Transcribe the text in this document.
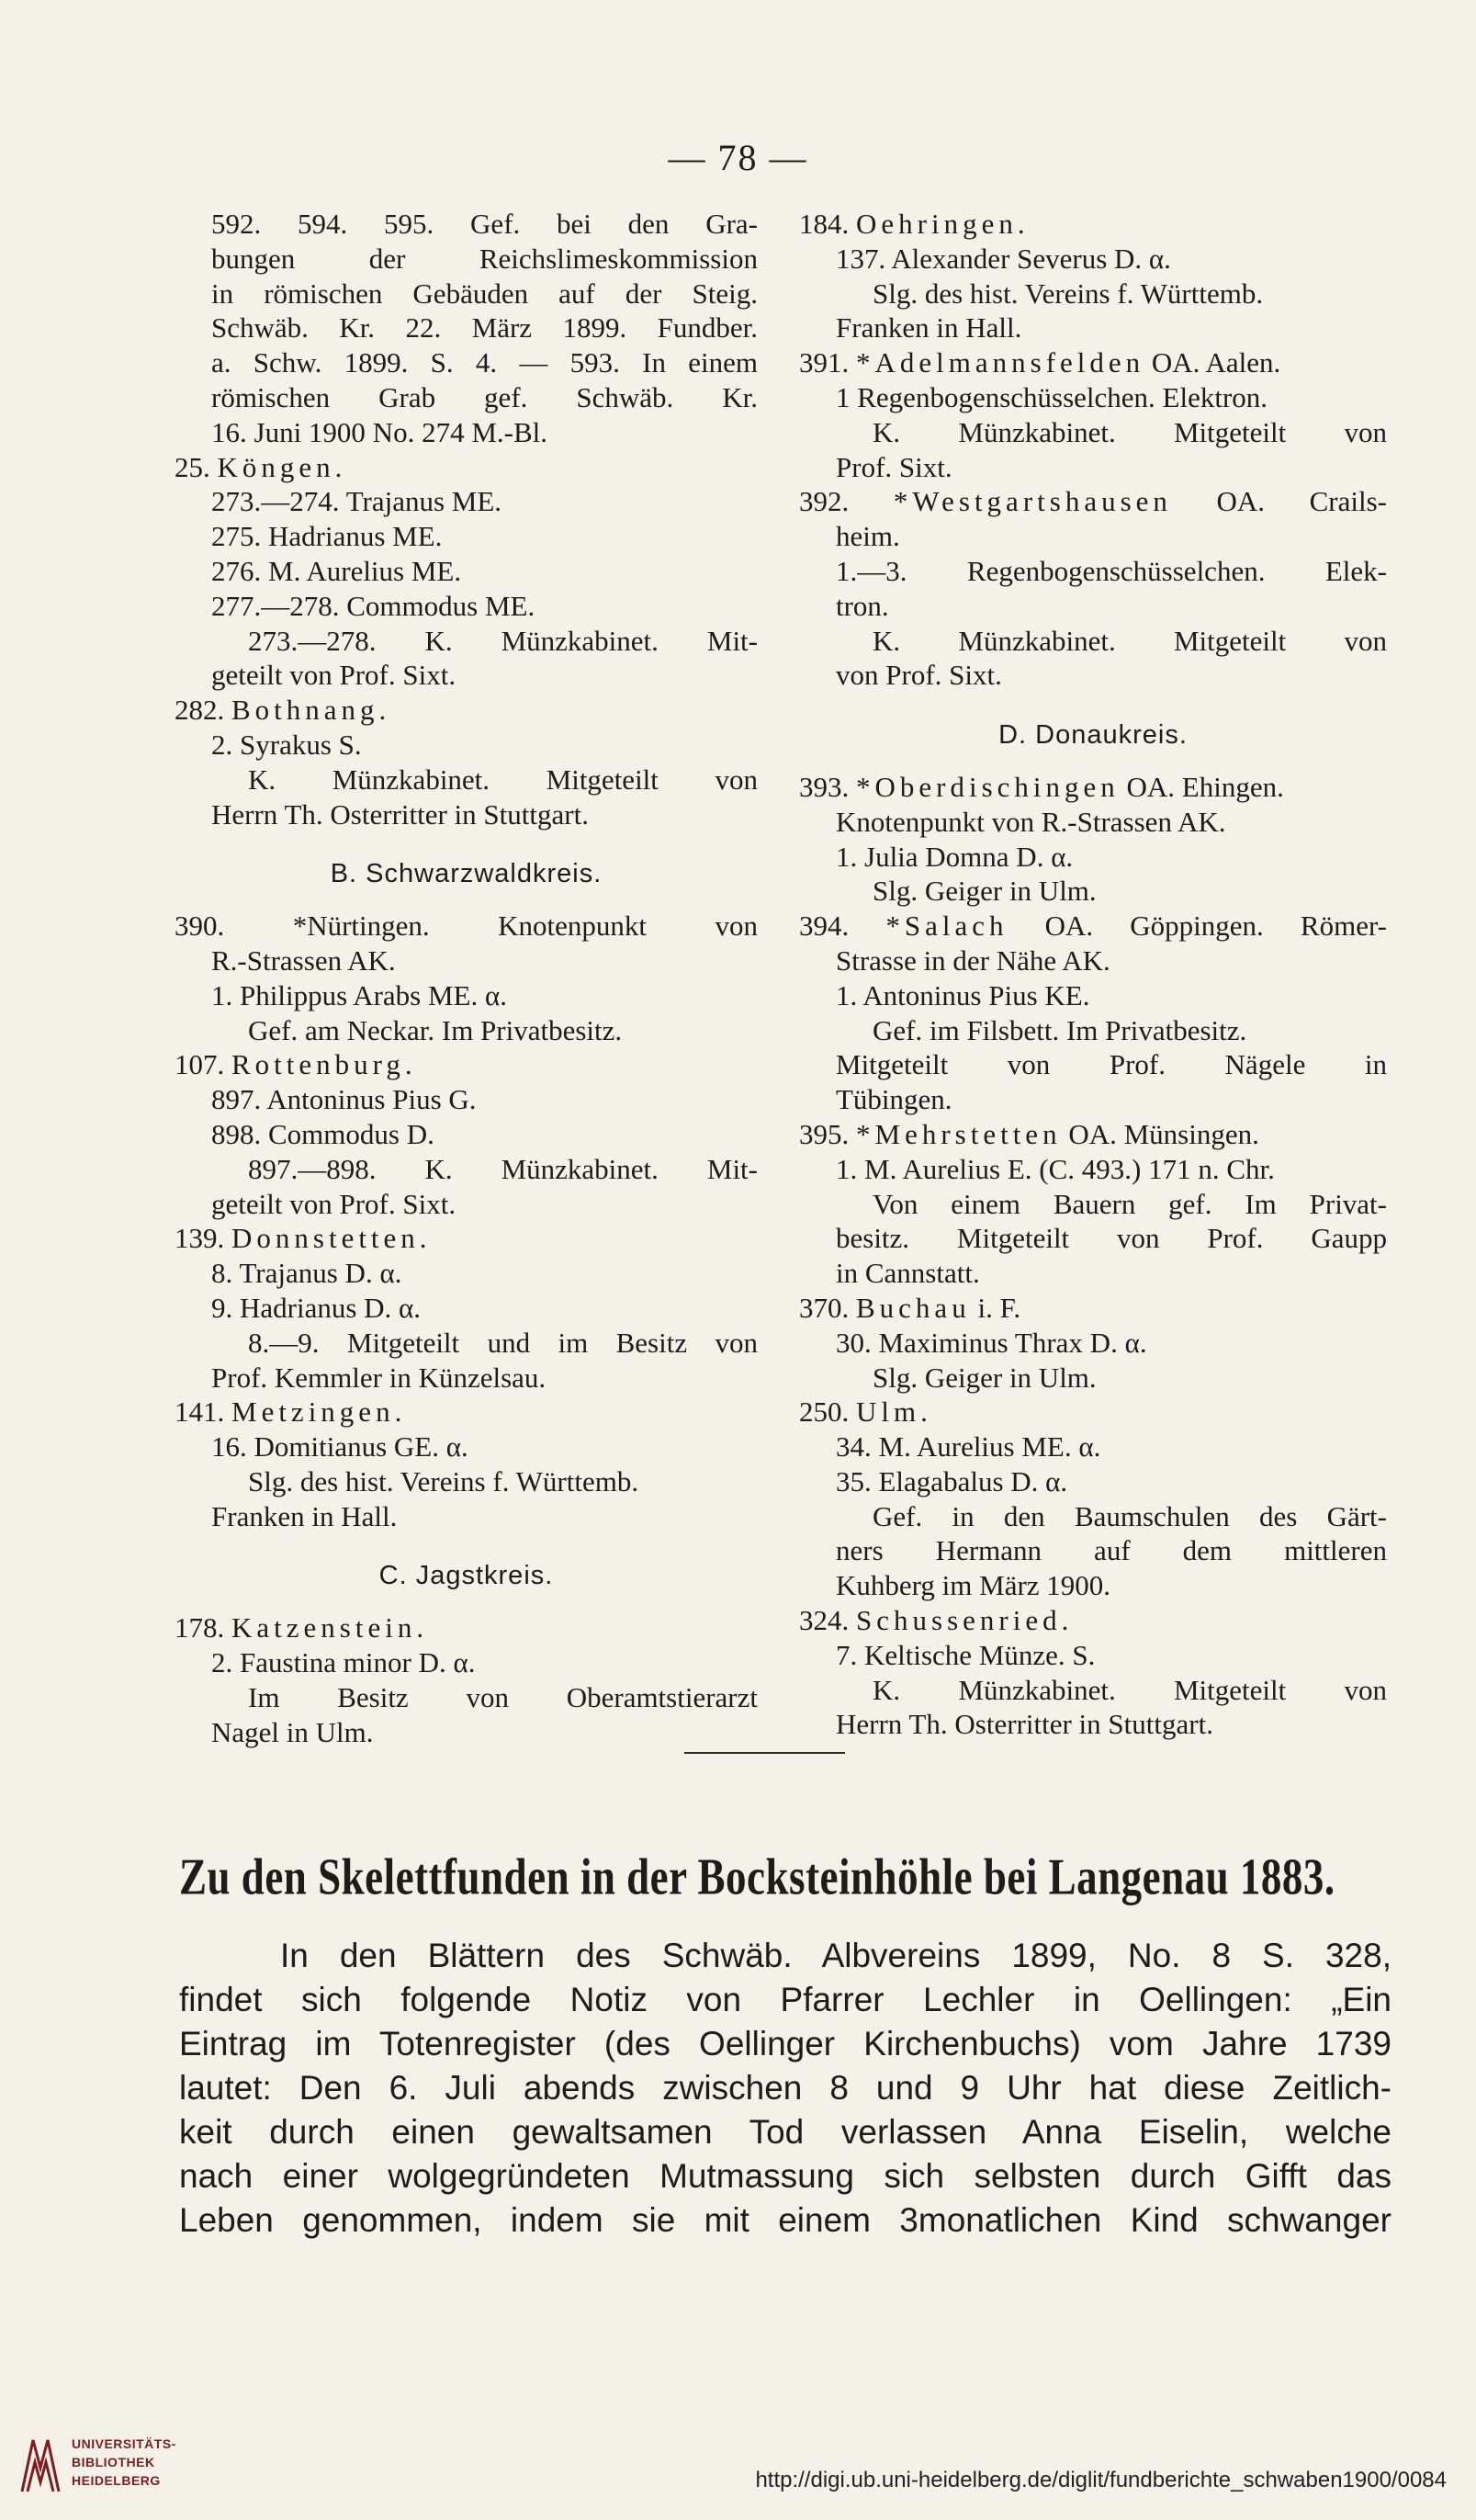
— 78 —
592. 594. 595. Gef. bei den Gra-
bungen der Reichslimeskommission
in römischen Gebäuden auf der Steig.
Schwäb. Kr. 22. März 1899. Fundber.
a. Schw. 1899. S. 4. — 593. In einem
römischen Grab gef. Schwäb. Kr.
16. Juni 1900 No. 274 M.-Bl.
25. Köngen.
273.—274. Trajanus ME.
275. Hadrianus ME.
276. M. Aurelius ME.
277.—278. Commodus ME.
273.—278. K. Münzkabinet. Mit-
geteilt von Prof. Sixt.
282. Bothnang.
2. Syrakus S.
K. Münzkabinet. Mitgeteilt von
Herrn Th. Osterritter in Stuttgart.
B. Schwarzwaldkreis.
390. *Nürtingen. Knotenpunkt von
R.-Strassen AK.
1. Philippus Arabs ME. α.
Gef. am Neckar. Im Privatbesitz.
107. Rottenburg.
897. Antoninus Pius G.
898. Commodus D.
897.—898. K. Münzkabinet. Mit-
geteilt von Prof. Sixt.
139. Donnstetten.
8. Trajanus D. α.
9. Hadrianus D. α.
8.—9. Mitgeteilt und im Besitz von
Prof. Kemmler in Künzelsau.
141. Metzingen.
16. Domitianus GE. α.
Slg. des hist. Vereins f. Württemb.
Franken in Hall.
C. Jagstkreis.
178. Katzenstein.
2. Faustina minor D. α.
Im Besitz von Oberamtstierarzt
Nagel in Ulm.
184. Oehringen.
137. Alexander Severus D. α.
Slg. des hist. Vereins f. Württemb.
Franken in Hall.
391. *Adelmannsfelden OA. Aalen.
1 Regenbogenschüsselchen. Elektron.
K. Münzkabinet. Mitgeteilt von
Prof. Sixt.
392. *Westgartshausen OA. Crails-
heim.
1.—3. Regenbogenschüsselchen. Elek-
tron.
K. Münzkabinet. Mitgeteilt von
von Prof. Sixt.
D. Donaukreis.
393. *Oberdischingen OA. Ehingen.
Knotenpunkt von R.-Strassen AK.
1. Julia Domna D. α.
Slg. Geiger in Ulm.
394. *Salach OA. Göppingen. Römer-
Strasse in der Nähe AK.
1. Antoninus Pius KE.
Gef. im Filsbett. Im Privatbesitz.
Mitgeteilt von Prof. Nägele in
Tübingen.
395. *Mehrstetten OA. Münsingen.
1. M. Aurelius E. (C. 493.) 171 n. Chr.
Von einem Bauern gef. Im Privat-
besitz. Mitgeteilt von Prof. Gaupp
in Cannstatt.
370. Buchau i. F.
30. Maximinus Thrax D. α.
Slg. Geiger in Ulm.
250. Ulm.
34. M. Aurelius ME. α.
35. Elagabalus D. α.
Gef. in den Baumschulen des Gärt-
ners Hermann auf dem mittleren
Kuhberg im März 1900.
324. Schussenried.
7. Keltische Münze. S.
K. Münzkabinet. Mitgeteilt von
Herrn Th. Osterritter in Stuttgart.
Zu den Skelettfunden in der Bocksteinhöhle bei Langenau 1883.
In den Blättern des Schwäb. Albvereins 1899, No. 8 S. 328,
findet sich folgende Notiz von Pfarrer Lechler in Oellingen: „Ein
Eintrag im Totenregister (des Oellinger Kirchenbuchs) vom Jahre 1739
lautet: Den 6. Juli abends zwischen 8 und 9 Uhr hat diese Zeitlich-
keit durch einen gewaltsamen Tod verlassen Anna Eiselin, welche
nach einer wolgegründeten Mutmassung sich selbsten durch Gifft das
Leben genommen, indem sie mit einem 3monatlichen Kind schwanger
UNIVERSITÄTS-
BIBLIOTHEK
HEIDELBERG	http://digi.ub.uni-heidelberg.de/diglit/fundberichte_schwaben1900/0084
